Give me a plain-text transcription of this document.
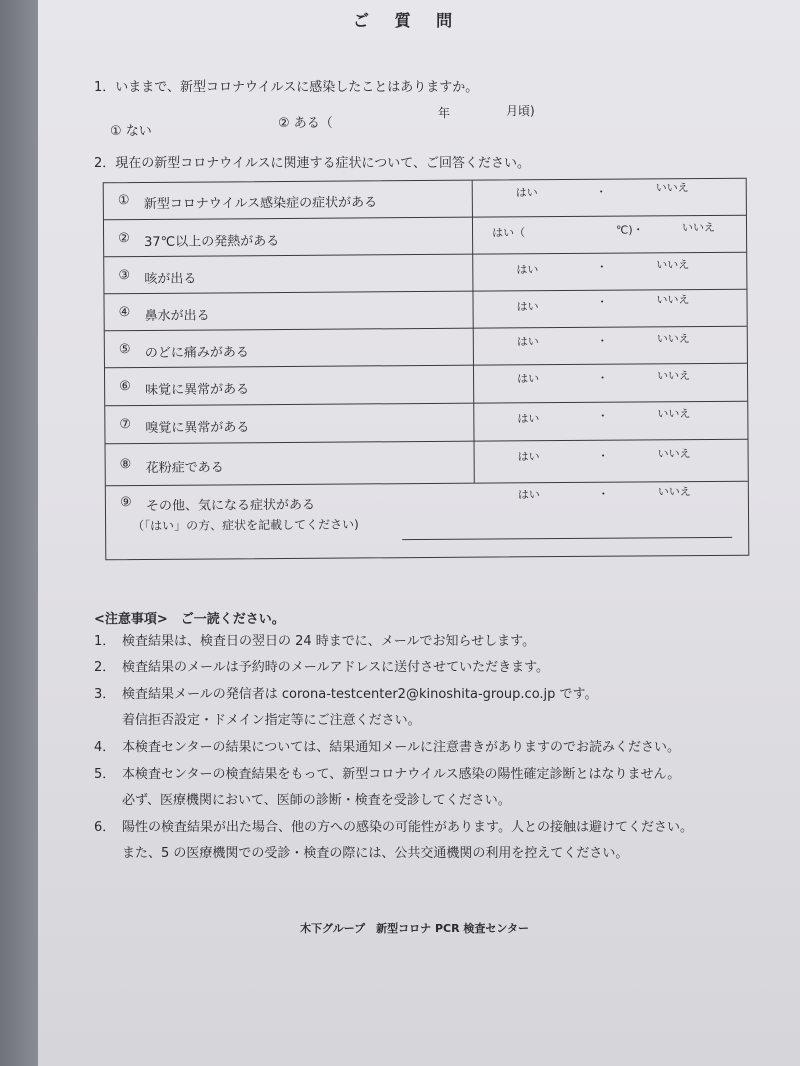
ご 質 問
1．いままで、新型コロナウイルスに感染したことはありますか。
① ない
② ある（
年	月頃)
2．現在の新型コロナウイルスに関連する症状について、ご回答ください。
① 新型コロナウイルス感染症の症状がある
はい	・	いいえ
② 37℃以上の発熱がある
はい（	℃)・	いいえ
③ 咳が出る
はい	・	いいえ
④ 鼻水が出る
はい	・	いいえ
⑤ のどに痛みがある
はい	・	いいえ
⑥ 味覚に異常がある
はい	・	いいえ
⑦ 嗅覚に異常がある
はい	・	いいえ
⑧ 花粉症である
はい	・	いいえ
⑨ その他、気になる症状がある
はい	・	いいえ
（「はい」の方、症状を記載してください)
<注意事項>　ご一読ください。
1． 検査結果は、検査日の翌日の 24 時までに、メールでお知らせします。
2． 検査結果のメールは予約時のメールアドレスに送付させていただきます。
3． 検査結果メールの発信者は corona-testcenter2@kinoshita-group.co.jp です。
着信拒否設定・ドメイン指定等にご注意ください。
4． 本検査センターの結果については、結果通知メールに注意書きがありますのでお読みください。
5． 本検査センターの検査結果をもって、新型コロナウイルス感染の陽性確定診断とはなりません。
必ず、医療機関において、医師の診断・検査を受診してください。
6． 陽性の検査結果が出た場合、他の方への感染の可能性があります。人との接触は避けてください。
また、5 の医療機関での受診・検査の際には、公共交通機関の利用を控えてください。
木下グループ　新型コロナ PCR 検査センター
